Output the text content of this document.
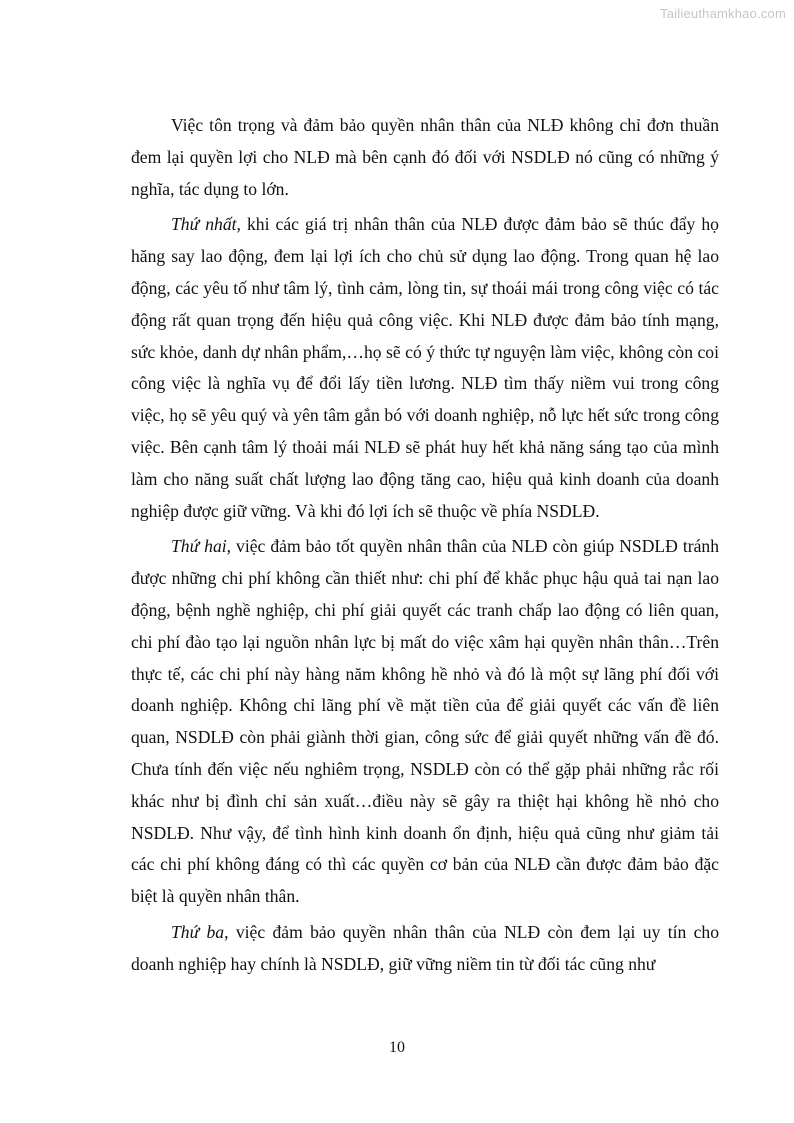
Tailieuthamkhao.com

Việc tôn trọng và đảm bảo quyền nhân thân của NLĐ không chỉ đơn thuần đem lại quyền lợi cho NLĐ mà bên cạnh đó đối với NSDLĐ nó cũng có những ý nghĩa, tác dụng to lớn.

Thứ nhất, khi các giá trị nhân thân của NLĐ được đảm bảo sẽ thúc đẩy họ hăng say lao động, đem lại lợi ích cho chủ sử dụng lao động. Trong quan hệ lao động, các yêu tố như tâm lý, tình cảm, lòng tin, sự thoái mái trong công việc có tác động rất quan trọng đến hiệu quả công việc. Khi NLĐ được đảm bảo tính mạng, sức khỏe, danh dự nhân phẩm,…họ sẽ có ý thức tự nguyện làm việc, không còn coi công việc là nghĩa vụ để đổi lấy tiền lương. NLĐ tìm thấy niềm vui trong công việc, họ sẽ yêu quý và yên tâm gắn bó với doanh nghiệp, nỗ lực hết sức trong công việc. Bên cạnh tâm lý thoải mái NLĐ sẽ phát huy hết khả năng sáng tạo của mình làm cho năng suất chất lượng lao động tăng cao, hiệu quả kinh doanh của doanh nghiệp được giữ vững. Và khi đó lợi ích sẽ thuộc về phía NSDLĐ.

Thứ hai, việc đảm bảo tốt quyền nhân thân của NLĐ còn giúp NSDLĐ tránh được những chi phí không cần thiết như: chi phí để khắc phục hậu quả tai nạn lao động, bệnh nghề nghiệp, chi phí giải quyết các tranh chấp lao động có liên quan, chi phí đào tạo lại nguồn nhân lực bị mất do việc xâm hại quyền nhân thân…Trên thực tế, các chi phí này hàng năm không hề nhỏ và đó là một sự lãng phí đối với doanh nghiệp. Không chỉ lãng phí về mặt tiền của để giải quyết các vấn đề liên quan, NSDLĐ còn phải giành thời gian, công sức để giải quyết những vấn đề đó. Chưa tính đến việc nếu nghiêm trọng, NSDLĐ còn có thể gặp phải những rắc rối khác như bị đình chỉ sản xuất…điều này sẽ gây ra thiệt hại không hề nhỏ cho NSDLĐ. Như vậy, để tình hình kinh doanh ổn định, hiệu quả cũng như giảm tải các chi phí không đáng có thì các quyền cơ bản của NLĐ cần được đảm bảo đặc biệt là quyền nhân thân.

Thứ ba, việc đảm bảo quyền nhân thân của NLĐ còn đem lại uy tín cho doanh nghiệp hay chính là NSDLĐ, giữ vững niềm tin từ đối tác cũng như

10
